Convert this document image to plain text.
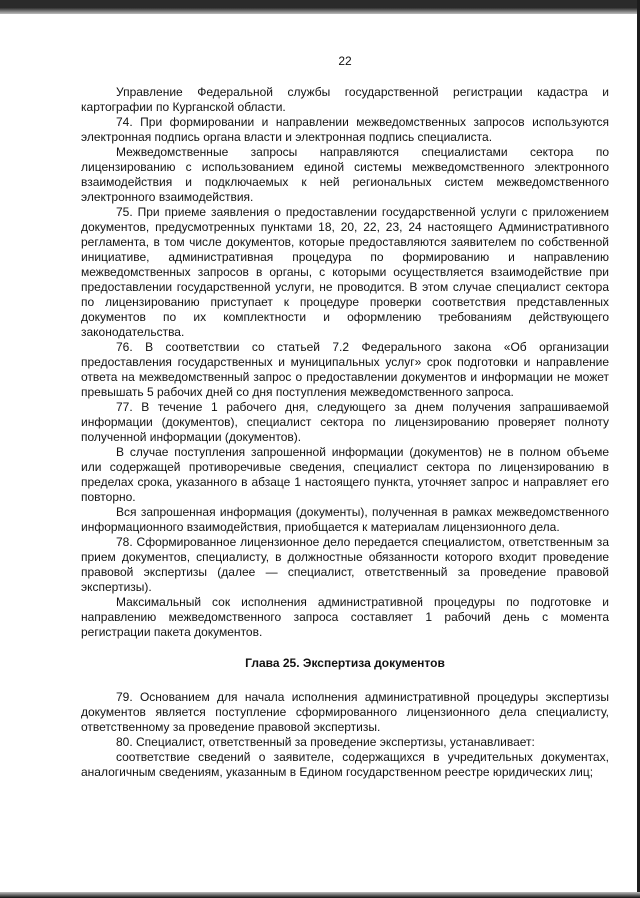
22

Управление Федеральной службы государственной регистрации кадастра и картографии по Курганской области.

74. При формировании и направлении межведомственных запросов используются электронная подпись органа власти и электронная подпись специалиста.

Межведомственные запросы направляются специалистами сектора по лицензированию с использованием единой системы межведомственного электронного взаимодействия и подключаемых к ней региональных систем межведомственного электронного взаимодействия.

75. При приеме заявления о предоставлении государственной услуги с приложением документов, предусмотренных пунктами 18, 20, 22, 23, 24 настоящего Административного регламента, в том числе документов, которые предоставляются заявителем по собственной инициативе, административная процедура по формированию и направлению межведомственных запросов в органы, с которыми осуществляется взаимодействие при предоставлении государственной услуги, не проводится. В этом случае специалист сектора по лицензированию приступает к процедуре проверки соответствия представленных документов по их комплектности и оформлению требованиям действующего законодательства.

76. В соответствии со статьей 7.2 Федерального закона «Об организации предоставления государственных и муниципальных услуг» срок подготовки и направление ответа на межведомственный запрос о предоставлении документов и информации не может превышать 5 рабочих дней со дня поступления межведомственного запроса.

77. В течение 1 рабочего дня, следующего за днем получения запрашиваемой информации (документов), специалист сектора по лицензированию проверяет полноту полученной информации (документов).

В случае поступления запрошенной информации (документов) не в полном объеме или содержащей противоречивые сведения, специалист сектора по лицензированию в пределах срока, указанного в абзаце 1 настоящего пункта, уточняет запрос и направляет его повторно.

Вся запрошенная информация (документы), полученная в рамках межведомственного информационного взаимодействия, приобщается к материалам лицензионного дела.

78. Сформированное лицензионное дело передается специалистом, ответственным за прием документов, специалисту, в должностные обязанности которого входит проведение правовой экспертизы (далее — специалист, ответственный за проведение правовой экспертизы).

Максимальный сок исполнения административной процедуры по подготовке и направлению межведомственного запроса составляет 1 рабочий день с момента регистрации пакета документов.

Глава 25. Экспертиза документов

79. Основанием для начала исполнения административной процедуры экспертизы документов является поступление сформированного лицензионного дела специалисту, ответственному за проведение правовой экспертизы.

80. Специалист, ответственный за проведение экспертизы, устанавливает:

соответствие сведений о заявителе, содержащихся в учредительных документах, аналогичным сведениям, указанным в Едином государственном реестре юридических лиц;
